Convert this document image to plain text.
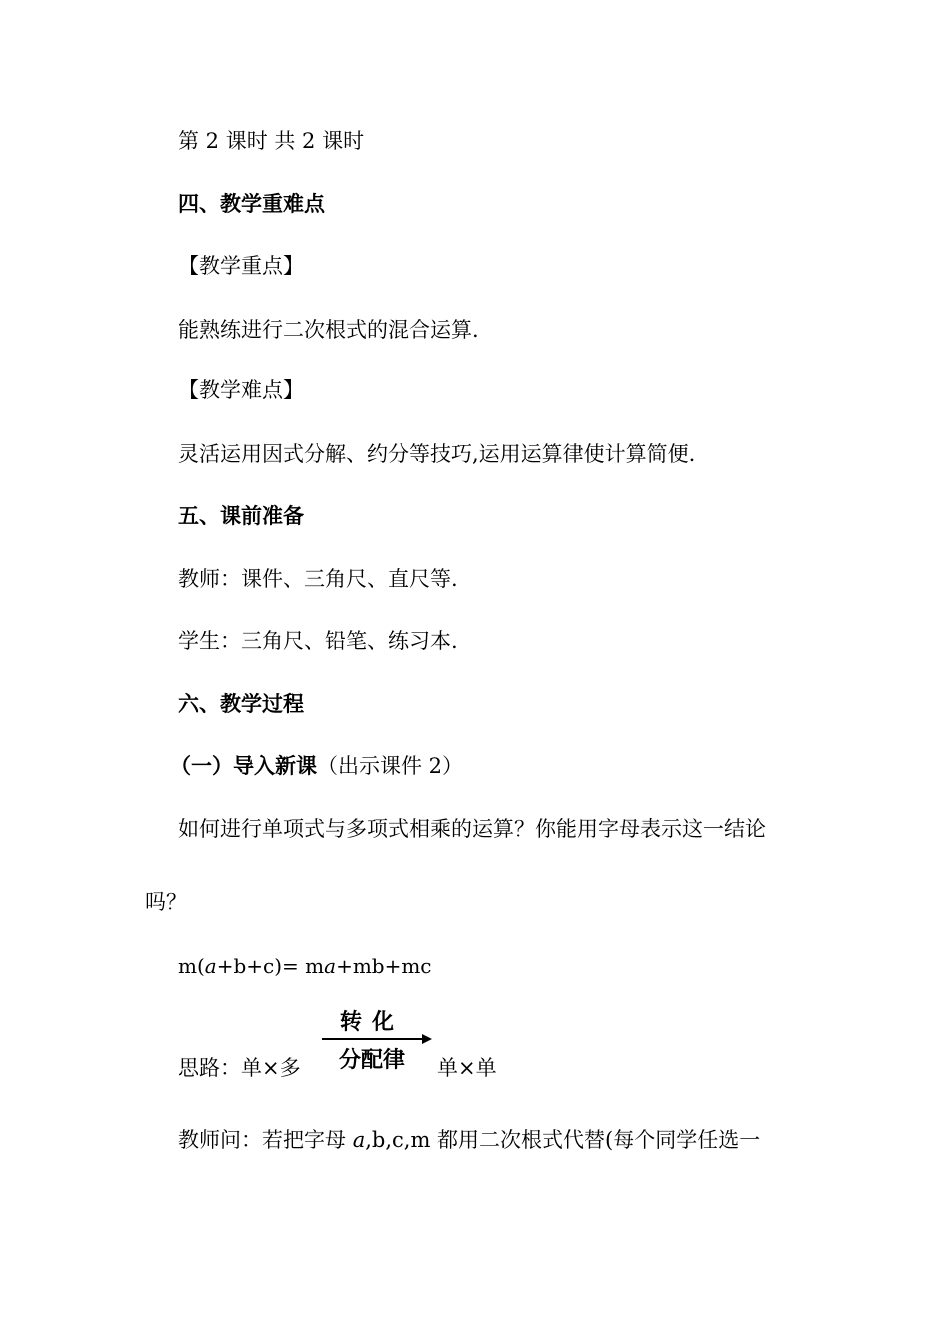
第 2 课时 共 2 课时
四、教学重难点
【教学重点】
能熟练进行二次根式的混合运算.
【教学难点】
灵活运用因式分解、约分等技巧,运用运算律使计算简便.
五、课前准备
教师：课件、三角尺、直尺等.
学生：三角尺、铅笔、练习本.
六、教学过程
（一）导入新课（出示课件 2）
如何进行单项式与多项式相乘的运算？你能用字母表示这一结论
吗？
m(a+b+c)= ma+mb+mc
思路：单×多
转化
分配律	单×单
教师问：若把字母 a,b,c,m 都用二次根式代替(每个同学任选一
